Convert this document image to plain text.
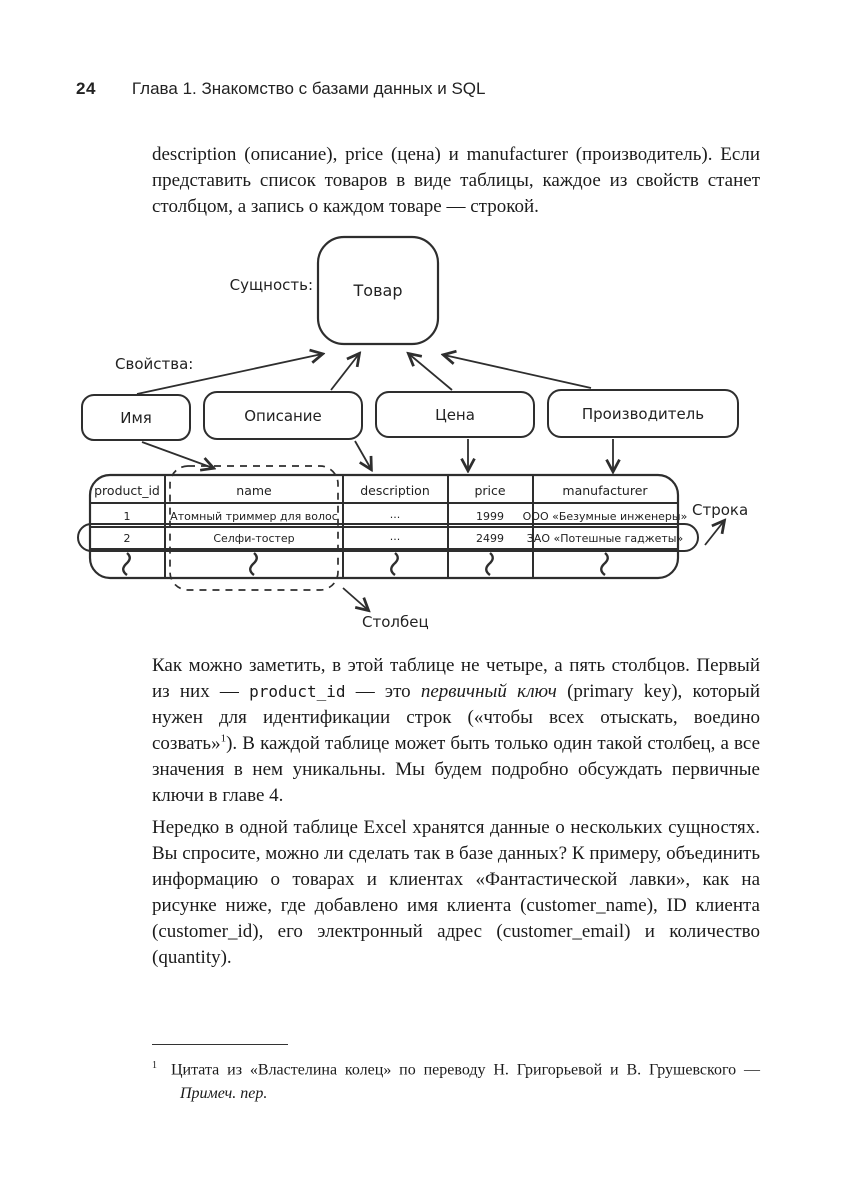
24 Глава 1. Знакомство с базами данных и SQL

description (описание), price (цена) и manufacturer (производитель). Если представить список товаров в виде таблицы, каждое из свойств станет столбцом, а запись о каждом товаре — строкой.

Сущность:	Товар
Свойства:
Имя	Описание	Цена	Производитель
product_id	name	description	price	manufacturer
1	Атомный триммер для волос	...	1999 ООО «Безумные инженеры»
2	Селфи-тостер	...	2499 ЗАО «Потешные гаджеты»
Строка
Столбец

Как можно заметить, в этой таблице не четыре, а пять столбцов. Первый из них — product_id — это первичный ключ (primary key), который нужен для идентификации строк («чтобы всех отыскать, воедино созвать»$^1$). В каждой таблице может быть только один такой столбец, а все значения в нем уникальны. Мы будем подробно обсуждать первичные ключи в главе 4.

Нередко в одной таблице Excel хранятся данные о нескольких сущностях. Вы спросите, можно ли сделать так в базе данных? К примеру, объединить информацию о товарах и клиентах «Фантастической лавки», как на рисунке ниже, где добавлено имя клиента (customer_name), ID клиента (customer_id), его электронный адрес (customer_email) и количество (quantity).

$^1$ Цитата из «Властелина колец» по переводу Н. Григорьевой и В. Грушевского — Примеч. пер.
